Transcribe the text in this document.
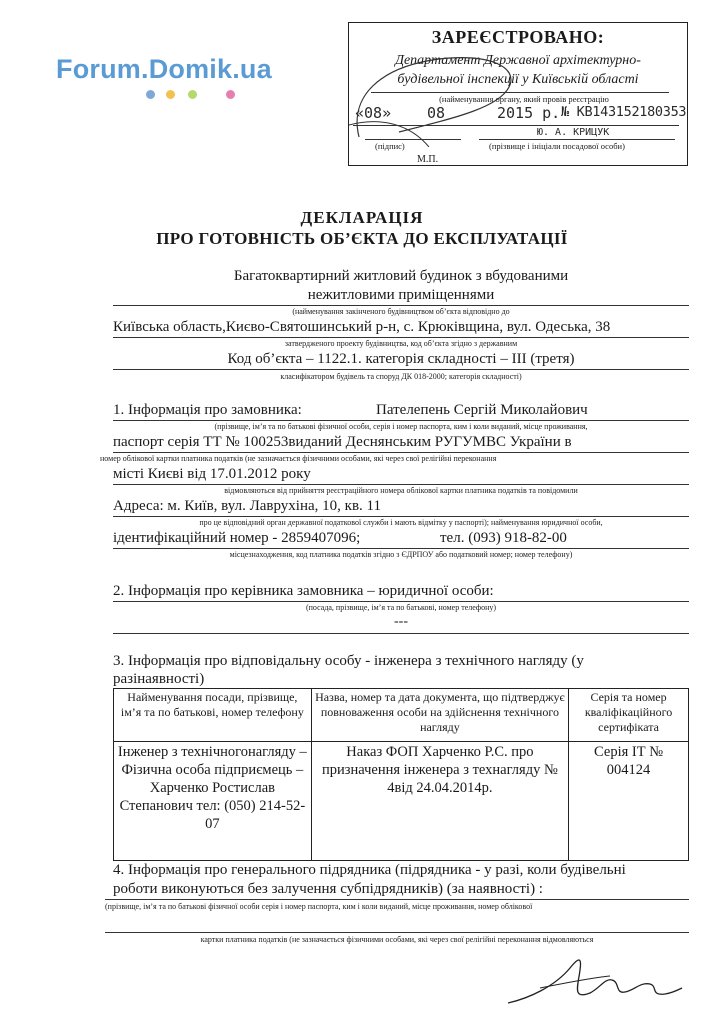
Forum.Domik.ua
ЗАРЕЄСТРОВАНО:
Департамент Державної архітектурно-
будівельної інспекції у Київській області
(найменування органу, який провів реєстрацію
«08» 08	2015 р. № КВ143152180353
Ю. А. КРИЦУК
(підпис)	(прізвище і ініціали посадової особи)
М.П.
ДЕКЛАРАЦІЯ
ПРО ГОТОВНІСТЬ ОБ’ЄКТА ДО ЕКСПЛУАТАЦІЇ
Багатоквартирний житловий будинок з вбудованими
нежитловими приміщеннями
(найменування закінченого будівництвом об’єкта відповідно до
Київська область,Києво-Святошинський р-н, с. Крюківщина, вул. Одеська, 38
затвердженого проекту будівництва, код об’єкта згідно з державним
Код об’єкта – 1122.1. категорія складності – ІІІ (третя)
класифікатором будівель та споруд ДК 018-2000; категорія складності)
1. Інформація про замовника:	Пателепень Сергій Миколайович
(прізвище, ім’я та по батькові фізичної особи, серія і номер паспорта, ким і коли виданий, місце проживання,
паспорт серія ТТ № 100253виданий Деснянським РУГУМВС України в
номер облікової картки платника податків (не зазначається фізичними особами, які через свої релігійні переконання
місті Києві від 17.01.2012 року
відмовляються від прийняття реєстраційного номера облікової картки платника податків та повідомили
Адреса: м. Київ, вул. Лаврухіна, 10, кв. 11
про це відповідний орган державної податкової служби і мають відмітку у паспорті); найменування юридичної особи,
ідентифікаційний номер - 2859407096;	тел. (093) 918-82-00
місцезнаходження, код платника податків згідно з ЄДРПОУ або податковий номер; номер телефону)
2. Інформація про керівника замовника – юридичної особи:
(посада, прізвище, ім’я та по батькові, номер телефону)
---
3. Інформація про відповідальну особу - інженера з технічного нагляду (у
разінаявності)
Найменування посади, прізвище, ім’я та по батькові, номер телефону	Назва, номер та дата документа, що підтверджує повноваження особи на здійснення технічного нагляду	Серія та номер кваліфікаційного сертифіката
Інженер з технічногонагляду – Фізична особа підприємець – Харченко Ростислав Степанович тел: (050) 214-52-07	Наказ ФОП Харченко Р.С. про призначення інженера з технагляду № 4від 24.04.2014р.	Серія ІТ № 004124
4. Інформація про генерального підрядника (підрядника - у разі, коли будівельні
роботи виконуються без залучення субпідрядників) (за наявності) :
(прізвище, ім’я та по батькові фізичної особи серія і номер паспорта, ким і коли виданий, місце проживання, номер облікової
картки платника податків (не зазначається фізичними особами, які через свої релігійні переконання відмовляються
